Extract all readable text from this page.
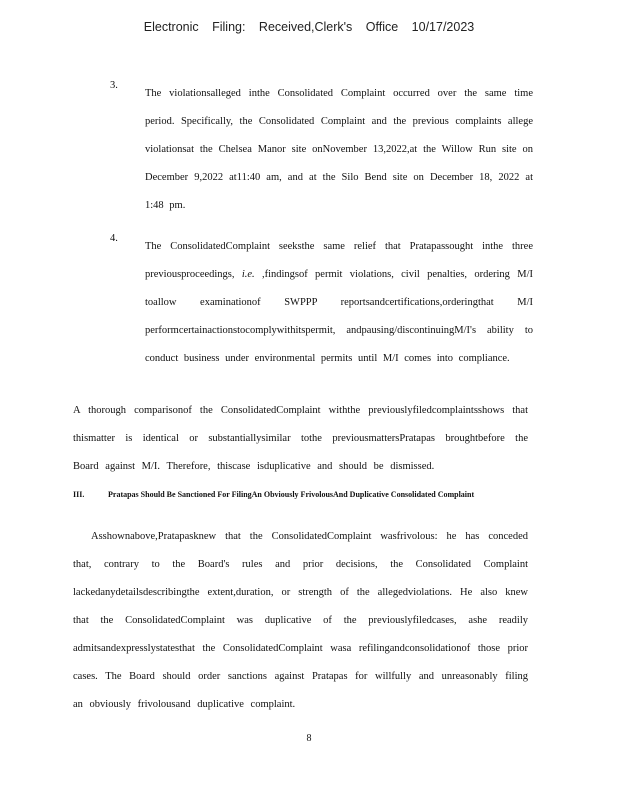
Electronic Filing: Received,Clerk's Office 10/17/2023
3.
The violationsalleged inthe Consolidated Complaint occurred over the same time period. Specifically, the Consolidated Complaint and the previous complaints allege violationsat the Chelsea Manor site onNovember 13,2022,at the Willow Run site on December 9,2022 at11:40 am, and at the Silo Bend site on December 18, 2022 at 1:48 pm.
4.
The ConsolidatedComplaint seeksthe same relief that Pratapassought inthe three previousproceedings, i.e. ,findingsof permit violations, civil penalties, ordering M/I toallow examinationof SWPPP reportsandcertifications,orderingthat M/I performcertainactionstocomplywithitspermit, andpausing/discontinuingM/I's ability to conduct business under environmental permits until M/I comes into compliance.
A thorough comparisonof the ConsolidatedComplaint withthe previouslyfiledcomplaintsshows that thismatter is identical or substantiallysimilar tothe previousmattersPratapas broughtbefore the Board against M/I. Therefore, thiscase isduplicative and should be dismissed.
III.	Pratapas Should Be Sanctioned For FilingAn Obviously FrivolousAnd Duplicative Consolidated Complaint
Asshownabove,Pratapasknew that the ConsolidatedComplaint wasfrivolous: he has conceded that, contrary to the Board's rules and prior decisions, the Consolidated Complaint lackedanydetailsdescribingthe extent,duration, or strength of the allegedviolations. He also knew that the ConsolidatedComplaint was duplicative of the previouslyfiledcases, ashe readily admitsandexpresslystatesthat the ConsolidatedComplaint wasa refilingandconsolidationof those prior cases. The Board should order sanctions against Pratapas for willfully and unreasonably filing an obviously frivolousand duplicative complaint.
8
